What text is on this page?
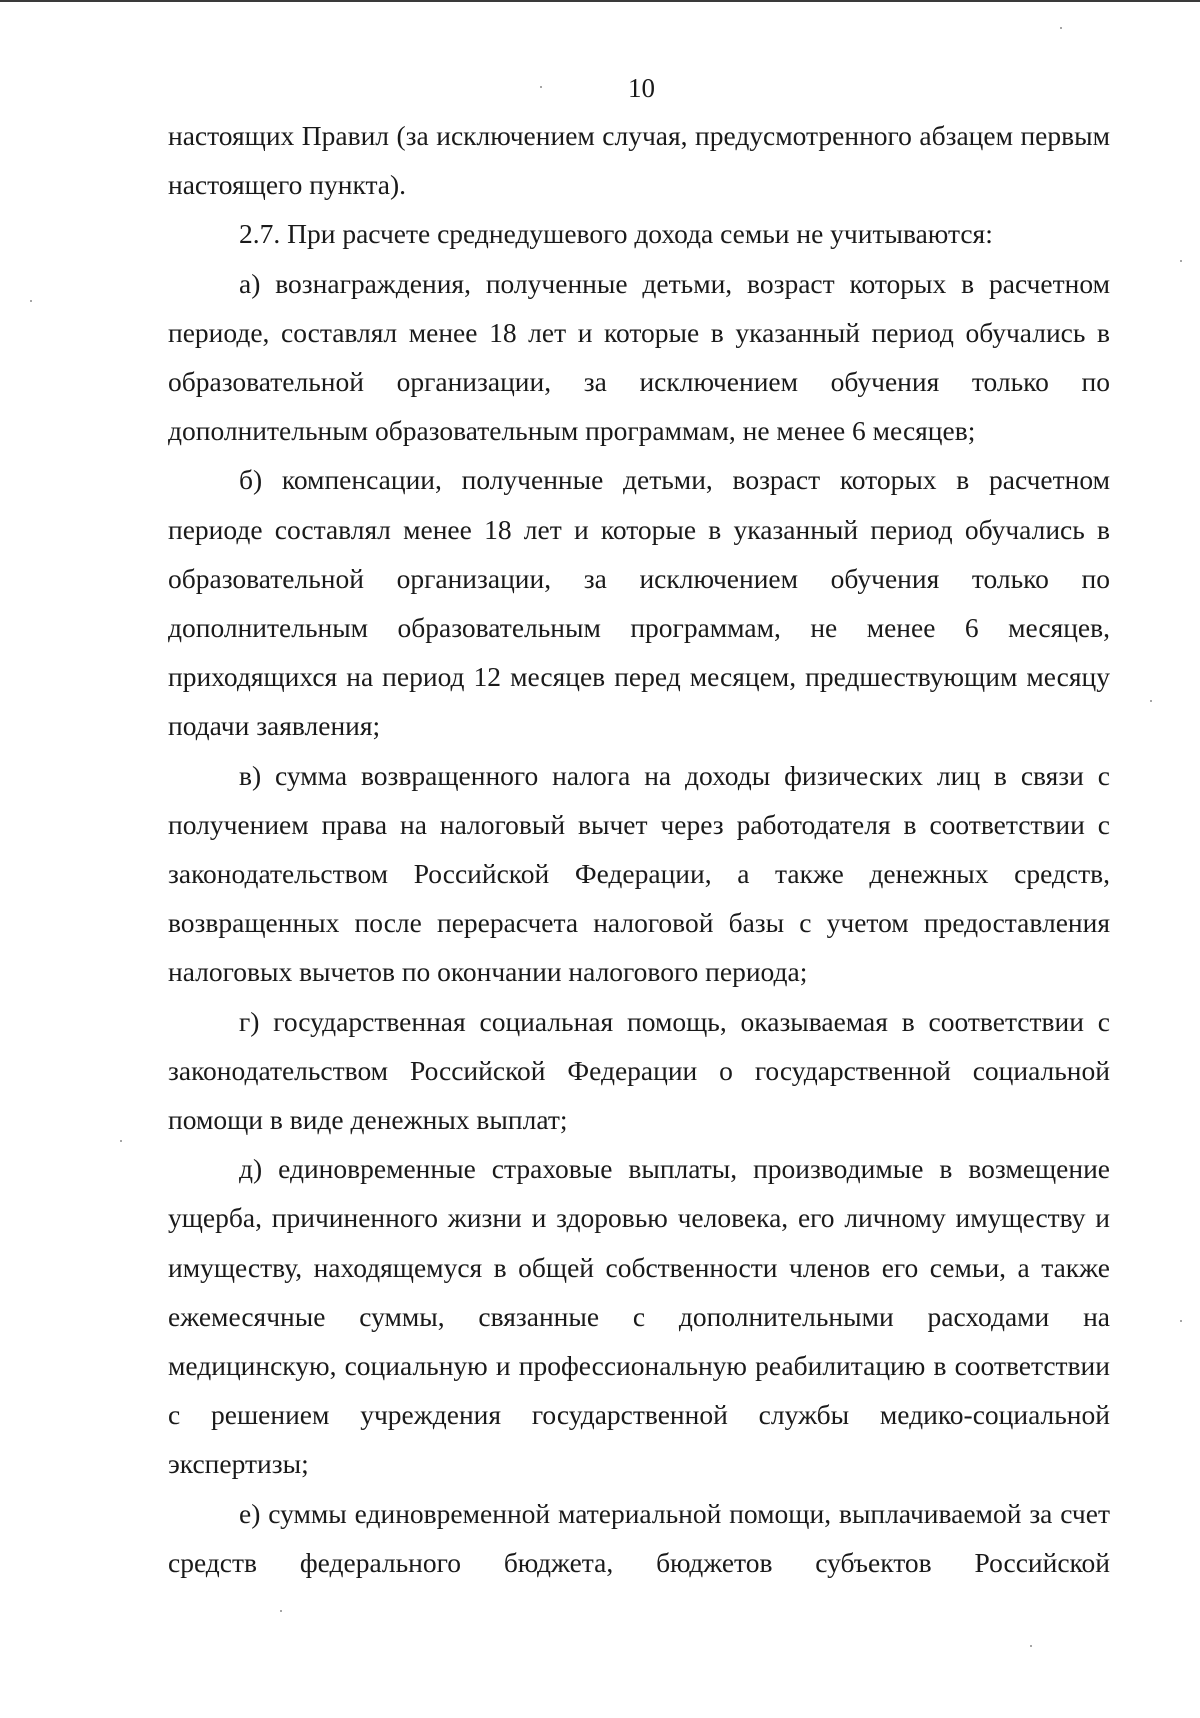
10

настоящих Правил (за исключением случая, предусмотренного абзацем первым настоящего пункта).

2.7. При расчете среднедушевого дохода семьи не учитываются:

а) вознаграждения, полученные детьми, возраст которых в расчетном периоде, составлял менее 18 лет и которые в указанный период обучались в образовательной организации, за исключением обучения только по дополнительным образовательным программам, не менее 6 месяцев;

б) компенсации, полученные детьми, возраст которых в расчетном периоде составлял менее 18 лет и которые в указанный период обучались в образовательной организации, за исключением обучения только по дополнительным образовательным программам, не менее 6 месяцев, приходящихся на период 12 месяцев перед месяцем, предшествующим месяцу подачи заявления;

в) сумма возвращенного налога на доходы физических лиц в связи с получением права на налоговый вычет через работодателя в соответствии с законодательством Российской Федерации, а также денежных средств, возвращенных после перерасчета налоговой базы с учетом предоставления налоговых вычетов по окончании налогового периода;

г) государственная социальная помощь, оказываемая в соответствии с законодательством Российской Федерации о государственной социальной помощи в виде денежных выплат;

д) единовременные страховые выплаты, производимые в возмещение ущерба, причиненного жизни и здоровью человека, его личному имуществу и имуществу, находящемуся в общей собственности членов его семьи, а также ежемесячные суммы, связанные с дополнительными расходами на медицинскую, социальную и профессиональную реабилитацию в соответствии с решением учреждения государственной службы медико-социальной экспертизы;

е) суммы единовременной материальной помощи, выплачиваемой за счет средств федерального бюджета, бюджетов субъектов Российской
